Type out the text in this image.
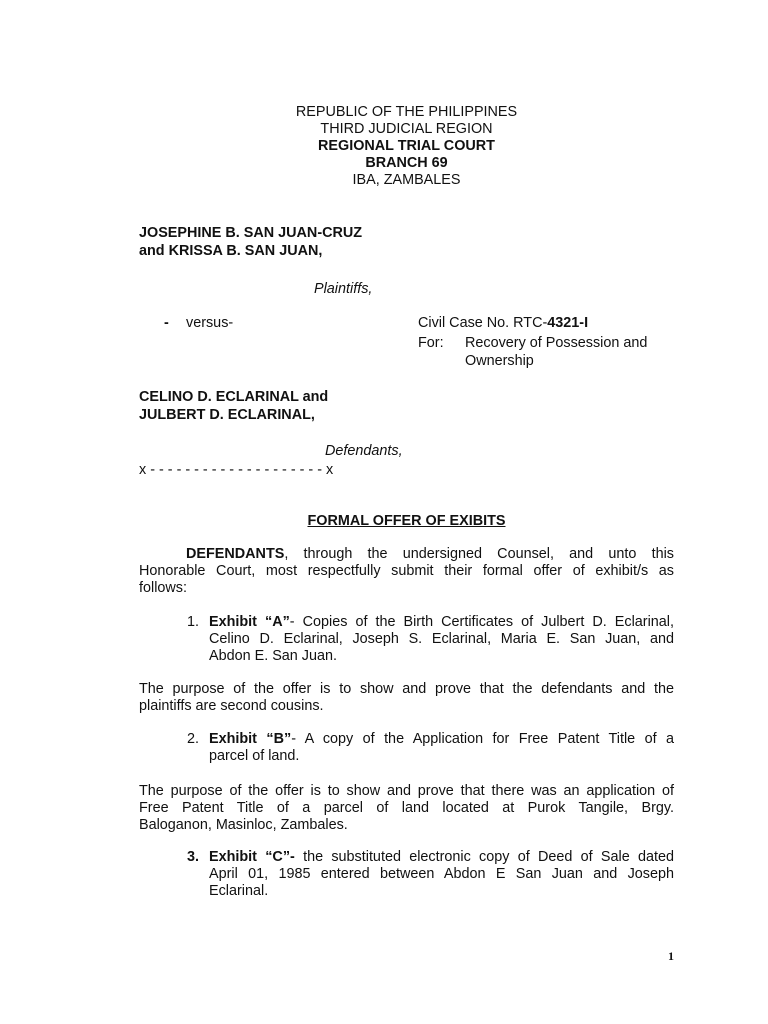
REPUBLIC OF THE PHILIPPINES
THIRD JUDICIAL REGION
REGIONAL TRIAL COURT
BRANCH 69
IBA, ZAMBALES
JOSEPHINE B. SAN JUAN-CRUZ
and KRISSA B. SAN JUAN,
Plaintiffs,
- versus-	Civil Case No. RTC-4321-I
For: Recovery of Possession and
Ownership
CELINO D. ECLARINAL and
JULBERT D. ECLARINAL,
Defendants,
x - - - - - - - - - - - - - - - - - - - - x
FORMAL OFFER OF EXIBITS
DEFENDANTS, through the undersigned Counsel, and unto this
Honorable Court, most respectfully submit their formal offer of exhibit/s as
follows:
1. Exhibit “A”- Copies of the Birth Certificates of Julbert D. Eclarinal,
Celino D. Eclarinal, Joseph S. Eclarinal, Maria E. San Juan, and
Abdon E. San Juan.
The purpose of the offer is to show and prove that the defendants and the
plaintiffs are second cousins.
2. Exhibit “B”- A copy of the Application for Free Patent Title of a
parcel of land.
The purpose of the offer is to show and prove that there was an application of
Free Patent Title of a parcel of land located at Purok Tangile, Brgy.
Baloganon, Masinloc, Zambales.
3. Exhibit “C”- the substituted electronic copy of Deed of Sale dated
April 01, 1985 entered between Abdon E San Juan and Joseph
Eclarinal.
1
